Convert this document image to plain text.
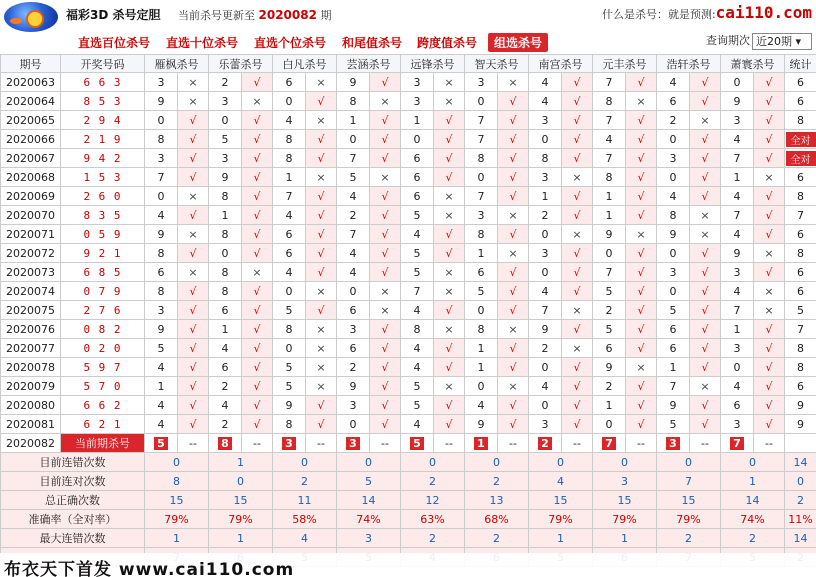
福彩3D 杀号定胆 当前杀号更新至 2020082 期	什么是杀号：就是预测:cai110.com
直选百位杀号 直选十位杀号 直选个位杀号 和尾值杀号 跨度值杀号	组选杀号	查询期次 近20期 ▾
期号	开奖号码	雁枫杀号		乐蕾杀号		白凡杀号		芸涵杀号		远锋杀号		智天杀号		南宫杀号		元丰杀号		浩轩杀号		萧寰杀号		统计
2020063	6 6 3	3	×	2	√	6	×	9	√	3	×	3	×	4	√	7	√	4	√	0	√	6
2020064	8 5 3	9	×	3	×	0	√	8	×	3	×	0	√	4	√	8	×	6	√	9	√	6
2020065	2 9 4	0	√	0	√	4	×	1	√	1	√	7	√	3	√	7	√	2	×	3	√	8
2020066	2 1 9	8	√	5	√	8	√	0	√	0	√	7	√	0	√	4	√	0	√	4	√	全对

2020067	9 4 2	3	√	3	√	8	√	7	√	6	√	8	√	8	√	7	√	3	√	7	√	全对

2020068	1 5 3	7	√	9	√	1	×	5	×	6	√	0	√	3	×	8	√	0	√	1	×	6
2020069	2 6 0	0	×	8	√	7	√	4	√	6	×	7	√	1	√	1	√	4	√	4	√	8
2020070	8 3 5	4	√	1	√	4	√	2	√	5	×	3	×	2	√	1	√	8	×	7	√	7
2020071	0 5 9	9	×	8	√	6	√	7	√	4	√	8	√	0	×	9	×	9	×	4	√	6
2020072	9 2 1	8	√	0	√	6	√	4	√	5	√	1	×	3	√	0	√	0	√	9	×	8
2020073	6 8 5	6	×	8	×	4	√	4	√	5	×	6	√	0	√	7	√	3	√	3	√	6
2020074	0 7 9	8	√	8	√	0	×	0	×	7	×	5	√	4	√	5	√	0	√	4	×	6
2020075	2 7 6	3	√	6	√	5	√	6	×	4	√	0	√	7	×	2	√	5	√	7	×	5
2020076	0 8 2	9	√	1	√	8	×	3	√	8	×	8	×	9	√	5	√	6	√	1	√	7
2020077	0 2 0	5	√	4	√	0	×	6	√	4	√	1	√	2	×	6	√	6	√	3	√	8
2020078	5 9 7	4	√	6	√	5	×	2	√	4	√	1	√	0	√	9	×	1	√	0	√	8
2020079	5 7 0	1	√	2	√	5	×	9	√	5	×	0	×	4	√	2	√	7	×	4	√	6
2020080	6 6 2	4	√	4	√	9	√	3	√	5	√	4	√	0	√	1	√	9	√	6	√	9
2020081	6 2 1	4	√	2	√	8	√	0	√	4	√	9	√	3	√	0	√	5	√	3	√	9
2020082	当前期杀号	5	--	8	--	3	--	3	--	5	--	1	--	2	--	7	--	3	--	7	--	
目前连错次数		0		1		0		0		0		0		0		0		0		0		14
目前连对次数		8		0		2		5		2		2		4		3		7		1		0
总正确次数		15		15		11		14		12		13		15		15		15		14		2
准确率（全对率）		79%		79%		58%		74%		63%		68%		79%		79%		79%		74%		11%
最大连错次数		1		1		4		3		2		2		1		1		2		2		14

布衣天下首发 www.cai110.com
